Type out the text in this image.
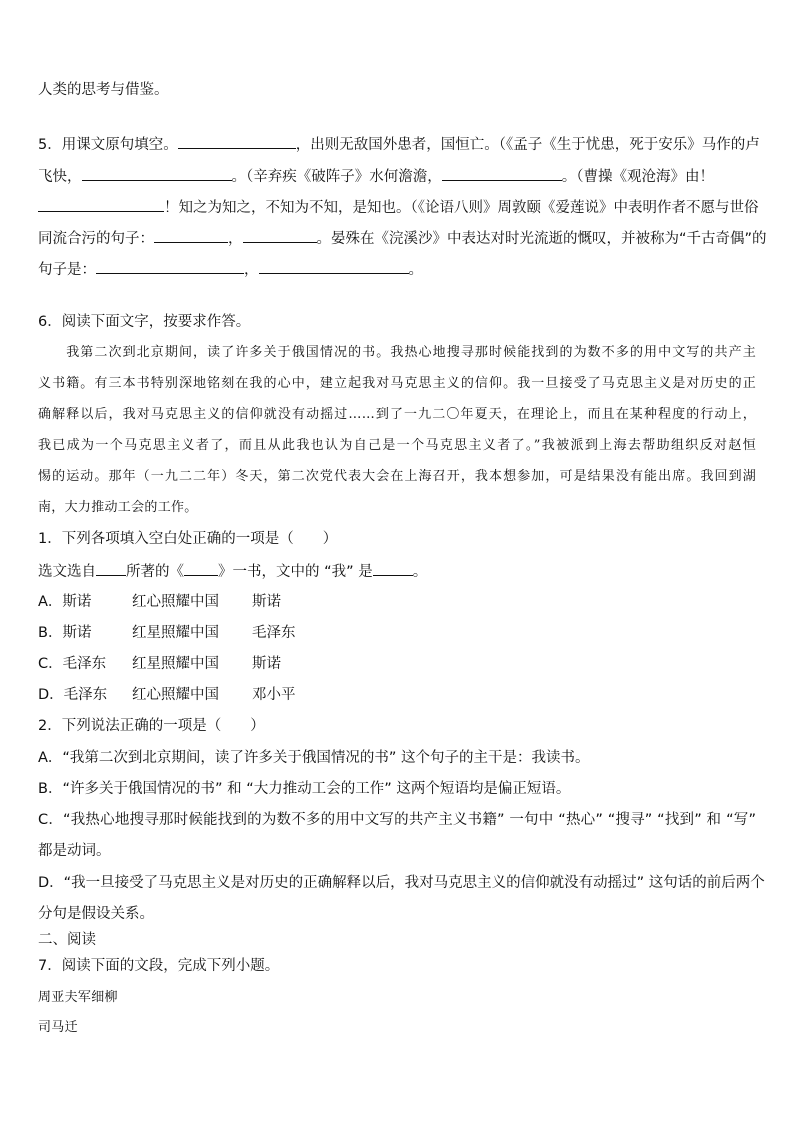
人类的思考与借鉴。
5．用课文原句填空。	，出则无敌国外患者，国恒亡。（《孟子《生于忧患，死于安乐》马作的卢
飞快，	。（辛弃疾《破阵子》水何澹澹，	。（曹操《观沧海》由！
！知之为知之，不知为不知，是知也。（《论语八则》周敦颐《爱莲说》中表明作者不愿与世俗
同流合污的句子：	，	。晏殊在《浣溪沙》中表达对时光流逝的慨叹，并被称为“千古奇偶”的
句子是：	，	。
6．阅读下面文字，按要求作答。
　　我第二次到北京期间，读了许多关于俄国情况的书。我热心地搜寻那时候能找到的为数不多的用中文写的共产主
义书籍。有三本书特别深地铭刻在我的心中，建立起我对马克思主义的信仰。我一旦接受了马克思主义是对历史的正
确解释以后，我对马克思主义的信仰就没有动摇过……到了一九二〇年夏天，在理论上，而且在某种程度的行动上，
我已成为一个马克思主义者了，而且从此我也认为自己是一个马克思主义者了。”我被派到上海去帮助组织反对赵恒
惕的运动。那年（一九二二年）冬天，第二次党代表大会在上海召开，我本想参加，可是结果没有能出席。我回到湖
南，大力推动工会的工作。
1．下列各项填入空白处正确的一项是（　　）
选文选自 所著的《 》一书，文中的 “我” 是	。
A．斯诺	红心照耀中国 斯诺
B．斯诺	红星照耀中国 毛泽东
C．毛泽东 红星照耀中国 斯诺
D．毛泽东 红心照耀中国 邓小平
2．下列说法正确的一项是（　　）
A．“我第二次到北京期间，读了许多关于俄国情况的书” 这个句子的主干是：我读书。
B．“许多关于俄国情况的书” 和 “大力推动工会的工作” 这两个短语均是偏正短语。
C．“我热心地搜寻那时候能找到的为数不多的用中文写的共产主义书籍” 一句中 “热心” “搜寻” “找到” 和 “写”
都是动词。
D．“我一旦接受了马克思主义是对历史的正确解释以后，我对马克思主义的信仰就没有动摇过” 这句话的前后两个
分句是假设关系。
二、阅读
7．阅读下面的文段，完成下列小题。
周亚夫军细柳
司马迁
